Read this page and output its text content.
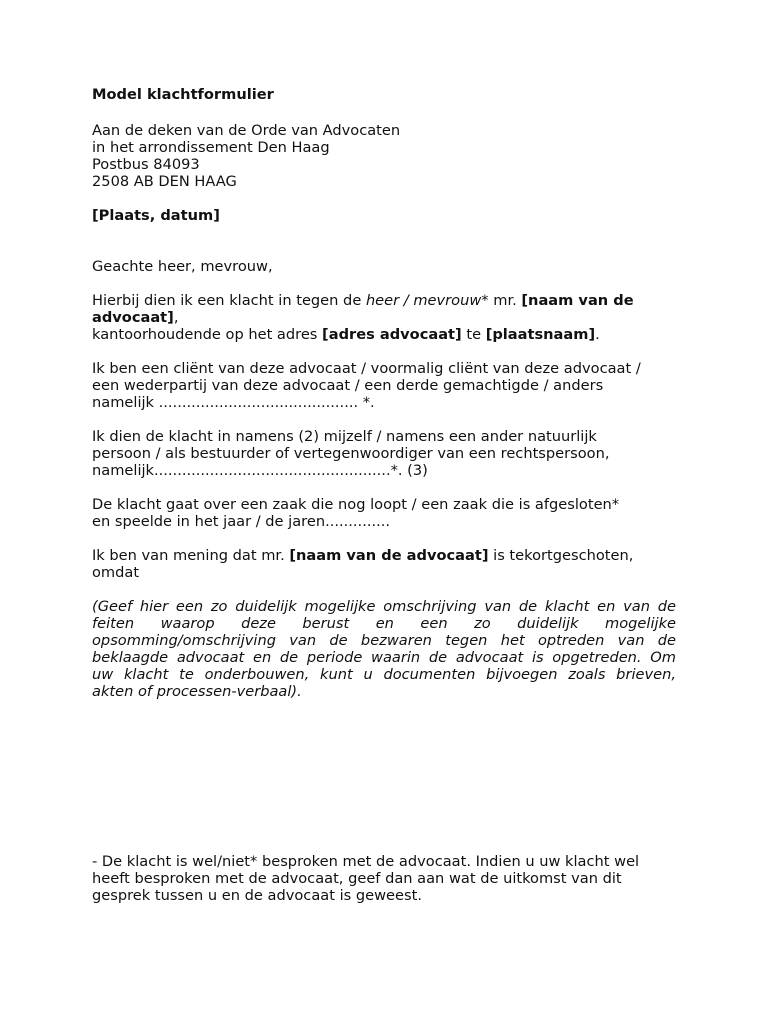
Model klachtformulier
Aan de deken van de Orde van Advocaten
in het arrondissement Den Haag
Postbus 84093
2508 AB DEN HAAG
[Plaats, datum]
Geachte heer, mevrouw,
Hierbij dien ik een klacht in tegen de heer / mevrouw* mr. [naam van de
advocaat],
kantoorhoudende op het adres [adres advocaat] te [plaatsnaam].
Ik ben een cliënt van deze advocaat / voormalig cliënt van deze advocaat /
een wederpartij van deze advocaat / een derde gemachtigde / anders
namelijk ........................................... *.
Ik dien de klacht in namens (2) mijzelf / namens een ander natuurlijk
persoon / als bestuurder of vertegenwoordiger van een rechtspersoon,
namelijk...................................................*. (3)
De klacht gaat over een zaak die nog loopt / een zaak die is afgesloten*
en speelde in het jaar / de jaren..............
Ik ben van mening dat mr. [naam van de advocaat] is tekortgeschoten,
omdat
(Geef hier een zo duidelijk mogelijke omschrijving van de klacht en van de
feiten waarop deze berust en een zo duidelijk mogelijke
opsomming/omschrijving van de bezwaren tegen het optreden van de
beklaagde advocaat en de periode waarin de advocaat is opgetreden. Om
uw klacht te onderbouwen, kunt u documenten bijvoegen zoals brieven,
akten of processen-verbaal).
- De klacht is wel/niet* besproken met de advocaat. Indien u uw klacht wel
heeft besproken met de advocaat, geef dan aan wat de uitkomst van dit
gesprek tussen u en de advocaat is geweest.
